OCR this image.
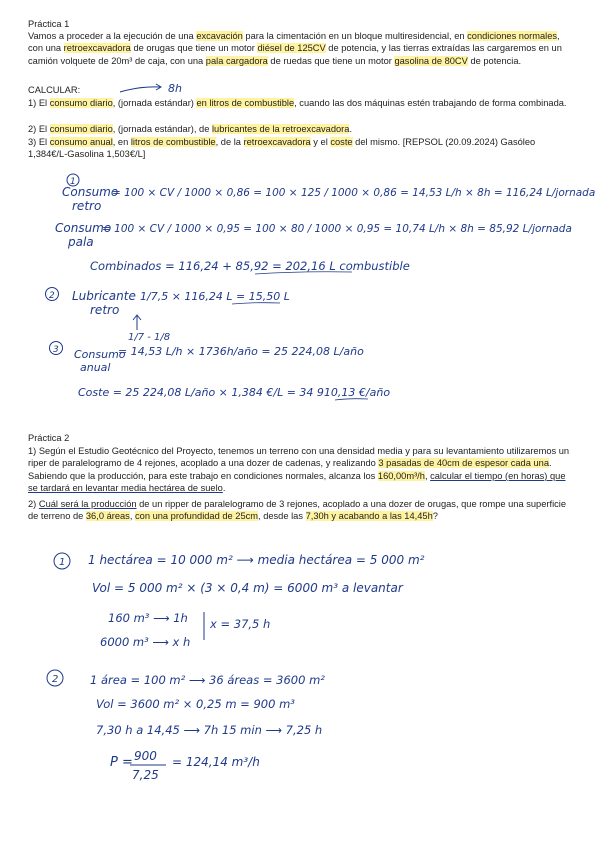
Práctica 1
Vamos a proceder a la ejecución de una excavación para la cimentación en un bloque multiresidencial, en condiciones normales, con una retroexcavadora de orugas que tiene un motor diésel de 125CV de potencia, y las tierras extraídas las cargaremos en un camión volquete de 20m³ de caja, con una pala cargadora de ruedas que tiene un motor gasolina de 80CV de potencia.
CALCULAR:
1) El consumo diario, (jornada estándar) en litros de combustible, cuando las dos máquinas estén trabajando de forma combinada.
2) El consumo diario, (jornada estándar), de lubricantes de la retroexcavadora.
3) El consumo anual, en litros de combustible, de la retroexcavadora y el coste del mismo. [REPSOL (20.09.2024) Gasóleo 1,384€/L-Gasolina 1,503€/L]
Práctica 2
1) Según el Estudio Geotécnico del Proyecto, tenemos un terreno con una densidad media y para su levantamiento utilizaremos un riper de paralelogramo de 4 rejones, acoplado a una dozer de cadenas, y realizando 3 pasadas de 40cm de espesor cada una. Sabiendo que la producción, para este trabajo en condiciones normales, alcanza los 160,00m³/h, calcular el tiempo (en horas) que se tardará en levantar media hectárea de suelo.
2) Cuál será la producción de un ripper de paralelogramo de 3 rejones, acoplado a una dozer de orugas, que rompe una superficie de terreno de 36,0 áreas, con una profundidad de 25cm, desde las 7,30h y acabando a las 14,45h?
8h
1
Consumo
retro
= 100 × CV / 1000 × 0,86 = 100 × 125 / 1000 × 0,86 = 14,53 L/h × 8h = 116,24 L/jornada
Consumo
pala
= 100 × CV / 1000 × 0,95 = 100 × 80 / 1000 × 0,95 = 10,74 L/h × 8h = 85,92 L/jornada
Combinados = 116,24 + 85,92 = 202,16 L combustible
2 Lubricante
retro
1/7,5 × 116,24 L = 15,50 L
1/7 - 1/8
3 Consumo
anual
= 14,53 L/h × 1736h/año = 25 224,08 L/año
Coste = 25 224,08 L/año × 1,384 €/L = 34 910,13 €/año
1 1 hectárea = 10 000 m² ⟶ media hectárea = 5 000 m²
Vol = 5 000 m² × (3 × 0,4 m) = 6000 m³ a levantar
160 m³ ⟶ 1h
6000 m³ ⟶ x h
x = 37,5 h
2	1 área = 100 m² ⟶ 36 áreas = 3600 m²
Vol = 3600 m² × 0,25 m = 900 m³
7,30 h a 14,45 ⟶ 7h 15 min ⟶ 7,25 h
P = 900
7,25
= 124,14 m³/h
